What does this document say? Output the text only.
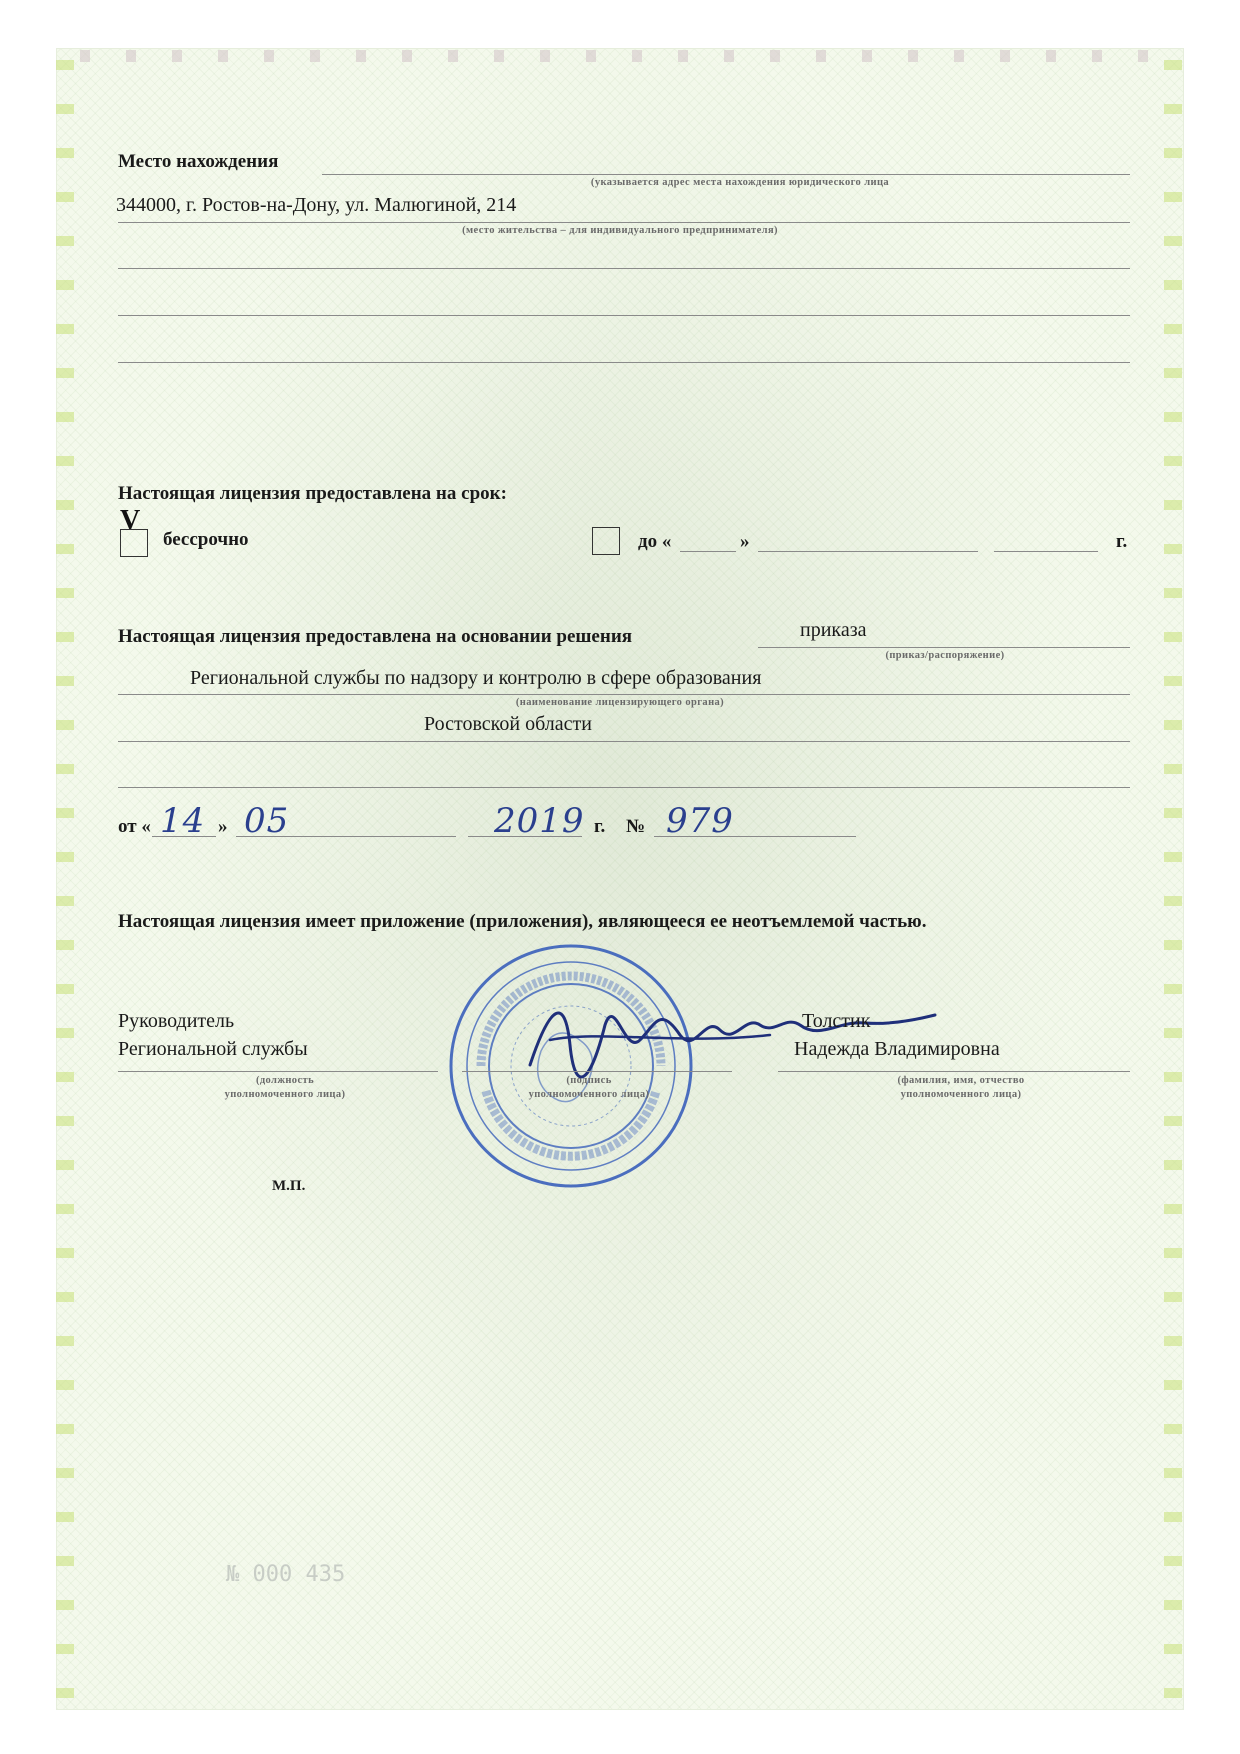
Место нахождения
(указывается адрес места нахождения юридического лица
344000, г. Ростов-на-Дону, ул. Малюгиной, 214
(место жительства – для индивидуального предпринимателя)
Настоящая лицензия предоставлена на срок:
V
бессрочно	до «	»	г.
Настоящая лицензия предоставлена на основании решения	приказа
(приказ/распоряжение)
Региональной службы по надзору и контролю в сфере образования
(наименование лицензирующего органа)
Ростовской области
от « 14 » 05	2019 г. № 979
Настоящая лицензия имеет приложение (приложения), являющееся ее неотъемлемой частью.
Руководитель
Региональной службы
Толстик
Надежда Владимировна
(должность
уполномоченного лица)
(подпись
уполномоченного лица)
(фамилия, имя, отчество
уполномоченного лица)
М.П.
№ 000 435
